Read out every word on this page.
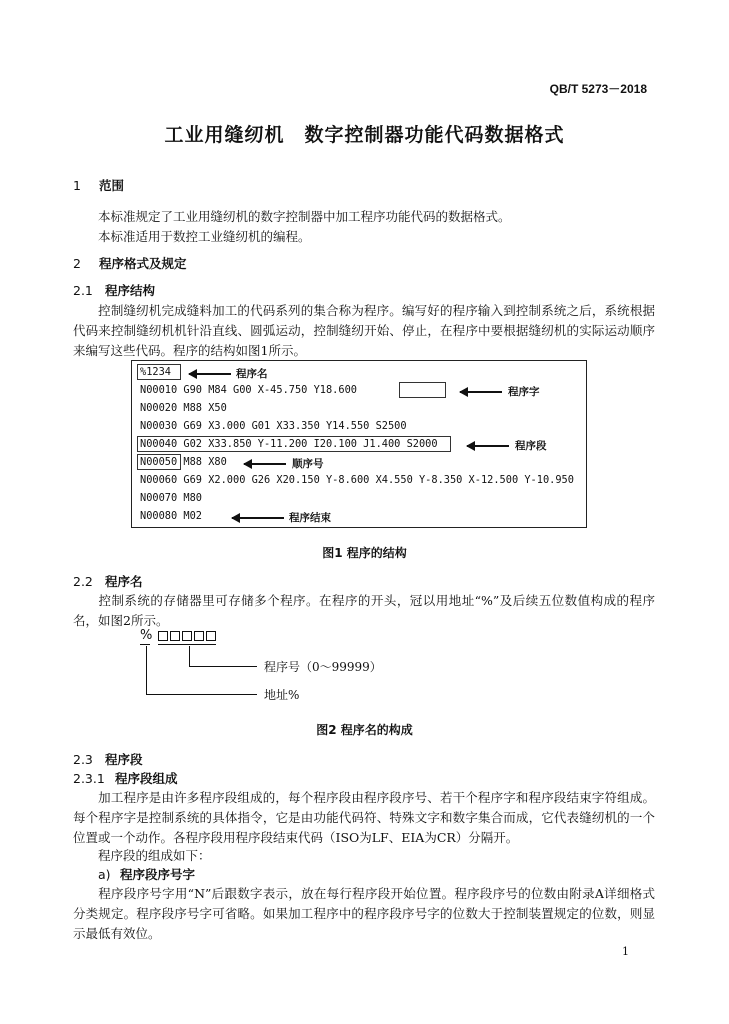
QB/T 5273－2018
工业用缝纫机　数字控制器功能代码数据格式
1 范围
本标准规定了工业用缝纫机的数字控制器中加工程序功能代码的数据格式。
本标准适用于数控工业缝纫机的编程。
2 程序格式及规定
2.1 程序结构
控制缝纫机完成缝料加工的代码系列的集合称为程序。编写好的程序输入到控制系统之后，系统根据代码来控制缝纫机机针沿直线、圆弧运动，控制缝纫开始、停止，在程序中要根据缝纫机的实际运动顺序来编写这些代码。程序的结构如图1所示。
%1234
N00010 G90 M84 G00 X-45.750 Y18.600
N00020 M88 X50
N00030 G69 X3.000 G01 X33.350 Y14.550 S2500
N00040 G02 X33.850 Y-11.200 I20.100 J1.400 S2000
N00050 M88 X80
N00060 G69 X2.000 G26 X20.150 Y-8.600 X4.550 Y-8.350 X-12.500 Y-10.950
N00070 M80
N00080 M02
程序名
程序字
程序段
顺序号
程序结束
图1 程序的结构
2.2 程序名
控制系统的存储器里可存储多个程序。在程序的开头，冠以用地址“%”及后续五位数值构成的程序名，如图2所示。
%
程序号（0～99999）
地址%
图2 程序名的构成
2.3 程序段
2.3.1 程序段组成
加工程序是由许多程序段组成的，每个程序段由程序段序号、若干个程序字和程序段结束字符组成。每个程序字是控制系统的具体指令，它是由功能代码符、特殊文字和数字集合而成，它代表缝纫机的一个位置或一个动作。各程序段用程序段结束代码（ISO为LF、EIA为CR）分隔开。
程序段的组成如下：
a) 程序段序号字
程序段序号字用“N”后跟数字表示，放在每行程序段开始位置。程序段序号的位数由附录A详细格式分类规定。程序段序号字可省略。如果加工程序中的程序段序号字的位数大于控制装置规定的位数，则显示最低有效位。
1
